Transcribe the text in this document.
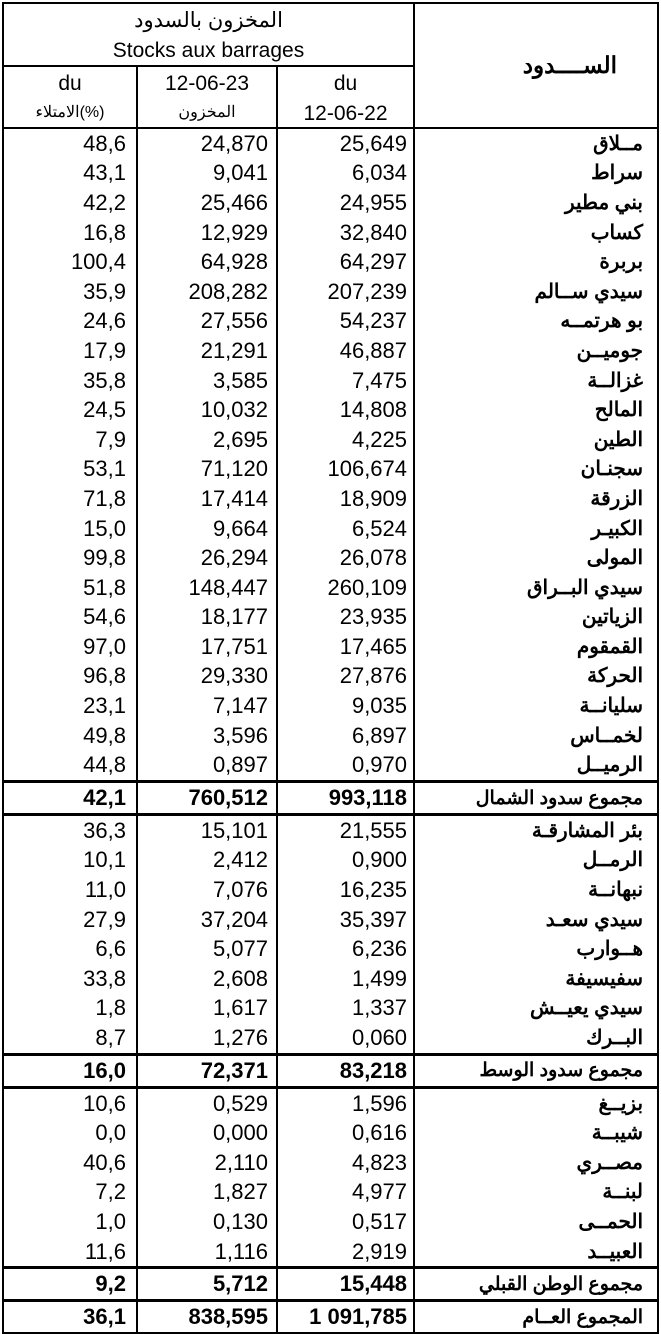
المخزون بالسدود			الســــدود
Stocks aux barrages			
du	12-06-23	du	
الامتلاء(%)	المخزون	12-06-22	
48,6	24,870	25,649	مــلاق
43,1	9,041	6,034	سراط
42,2	25,466	24,955	بني مطير
16,8	12,929	32,840	كساب
100,4	64,928	64,297	بربرة
35,9	208,282	207,239	سيدي ســالم
24,6	27,556	54,237	بو هرتمــه
17,9	21,291	46,887	جوميــن
35,8	3,585	7,475	غزالــة
24,5	10,032	14,808	المالح
7,9	2,695	4,225	الطين
53,1	71,120	106,674	سجنـان
71,8	17,414	18,909	الزرقة
15,0	9,664	6,524	الكبيـر
99,8	26,294	26,078	المولى
51,8	148,447	260,109	سيدي البــراق
54,6	18,177	23,935	الزياتين
97,0	17,751	17,465	القمقوم
96,8	29,330	27,876	الحركة
23,1	7,147	9,035	سليانــة
49,8	3,596	6,897	لخمــاس
44,8	0,897	0,970	الرميــل
42,1	760,512	993,118	مجموع سدود الشمال
36,3	15,101	21,555	بئر المشارقـة
10,1	2,412	0,900	الرمــل
11,0	7,076	16,235	نبهانــة
27,9	37,204	35,397	سيدي سعـد
6,6	5,077	6,236	هــوارب
33,8	2,608	1,499	سفيسيفة
1,8	1,617	1,337	سيدي يعيــش
8,7	1,276	0,060	البــرك
16,0	72,371	83,218	مجموع سدود الوسط
10,6	0,529	1,596	بزيــغ
0,0	0,000	0,616	شيبــة
40,6	2,110	4,823	مصــري
7,2	1,827	4,977	لبنــة
1,0	0,130	0,517	الحمــى
11,6	1,116	2,919	العبيــد
9,2	5,712	15,448	مجموع الوطن القبلي
36,1	838,595	1 091,785	المجموع العــام
